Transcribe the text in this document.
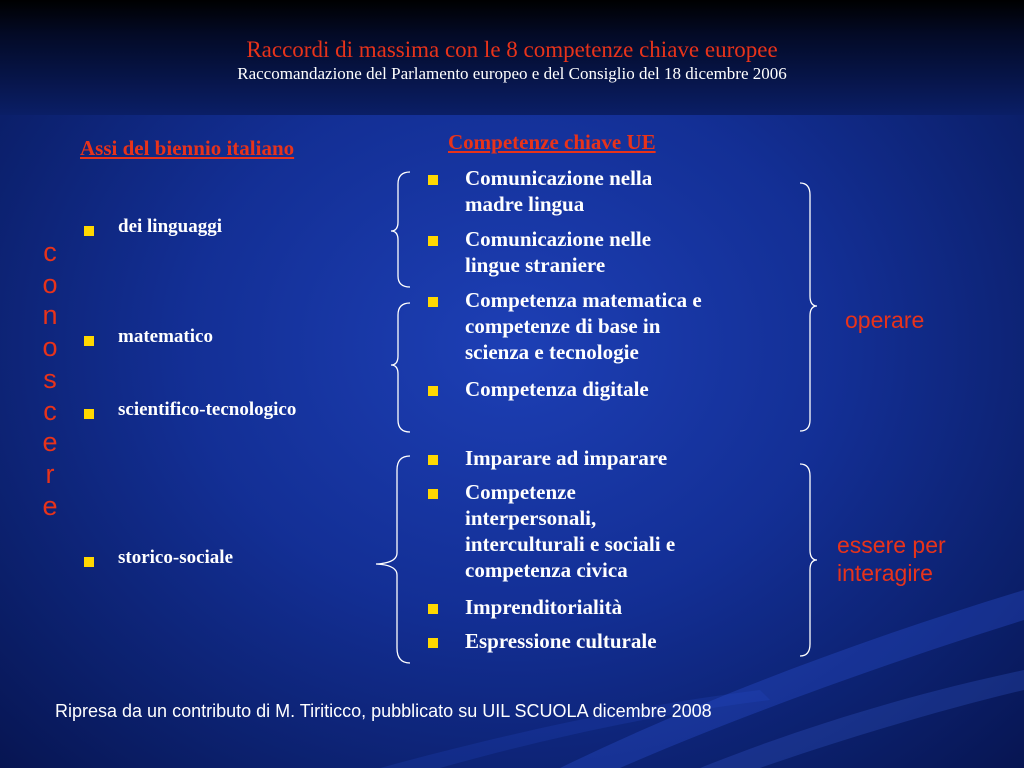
Raccordi di massima con le 8 competenze chiave europee
Raccomandazione del Parlamento europeo e del Consiglio del 18 dicembre 2006
Assi del biennio italiano
dei linguaggi
matematico
scientifico-tecnologico
storico-sociale
c
o
n
o
s
c
e
r
e
Competenze chiave UE
Comunicazione nella
madre lingua
Comunicazione nelle
lingue straniere
Competenza matematica e
competenze di base in
scienza e tecnologie
Competenza digitale
Imparare ad imparare
Competenze
interpersonali,
interculturali e sociali e
competenza civica
Imprenditorialità
Espressione culturale
operare
essere per
interagire
Ripresa da un contributo di M. Tiriticco, pubblicato su UIL SCUOLA dicembre 2008
